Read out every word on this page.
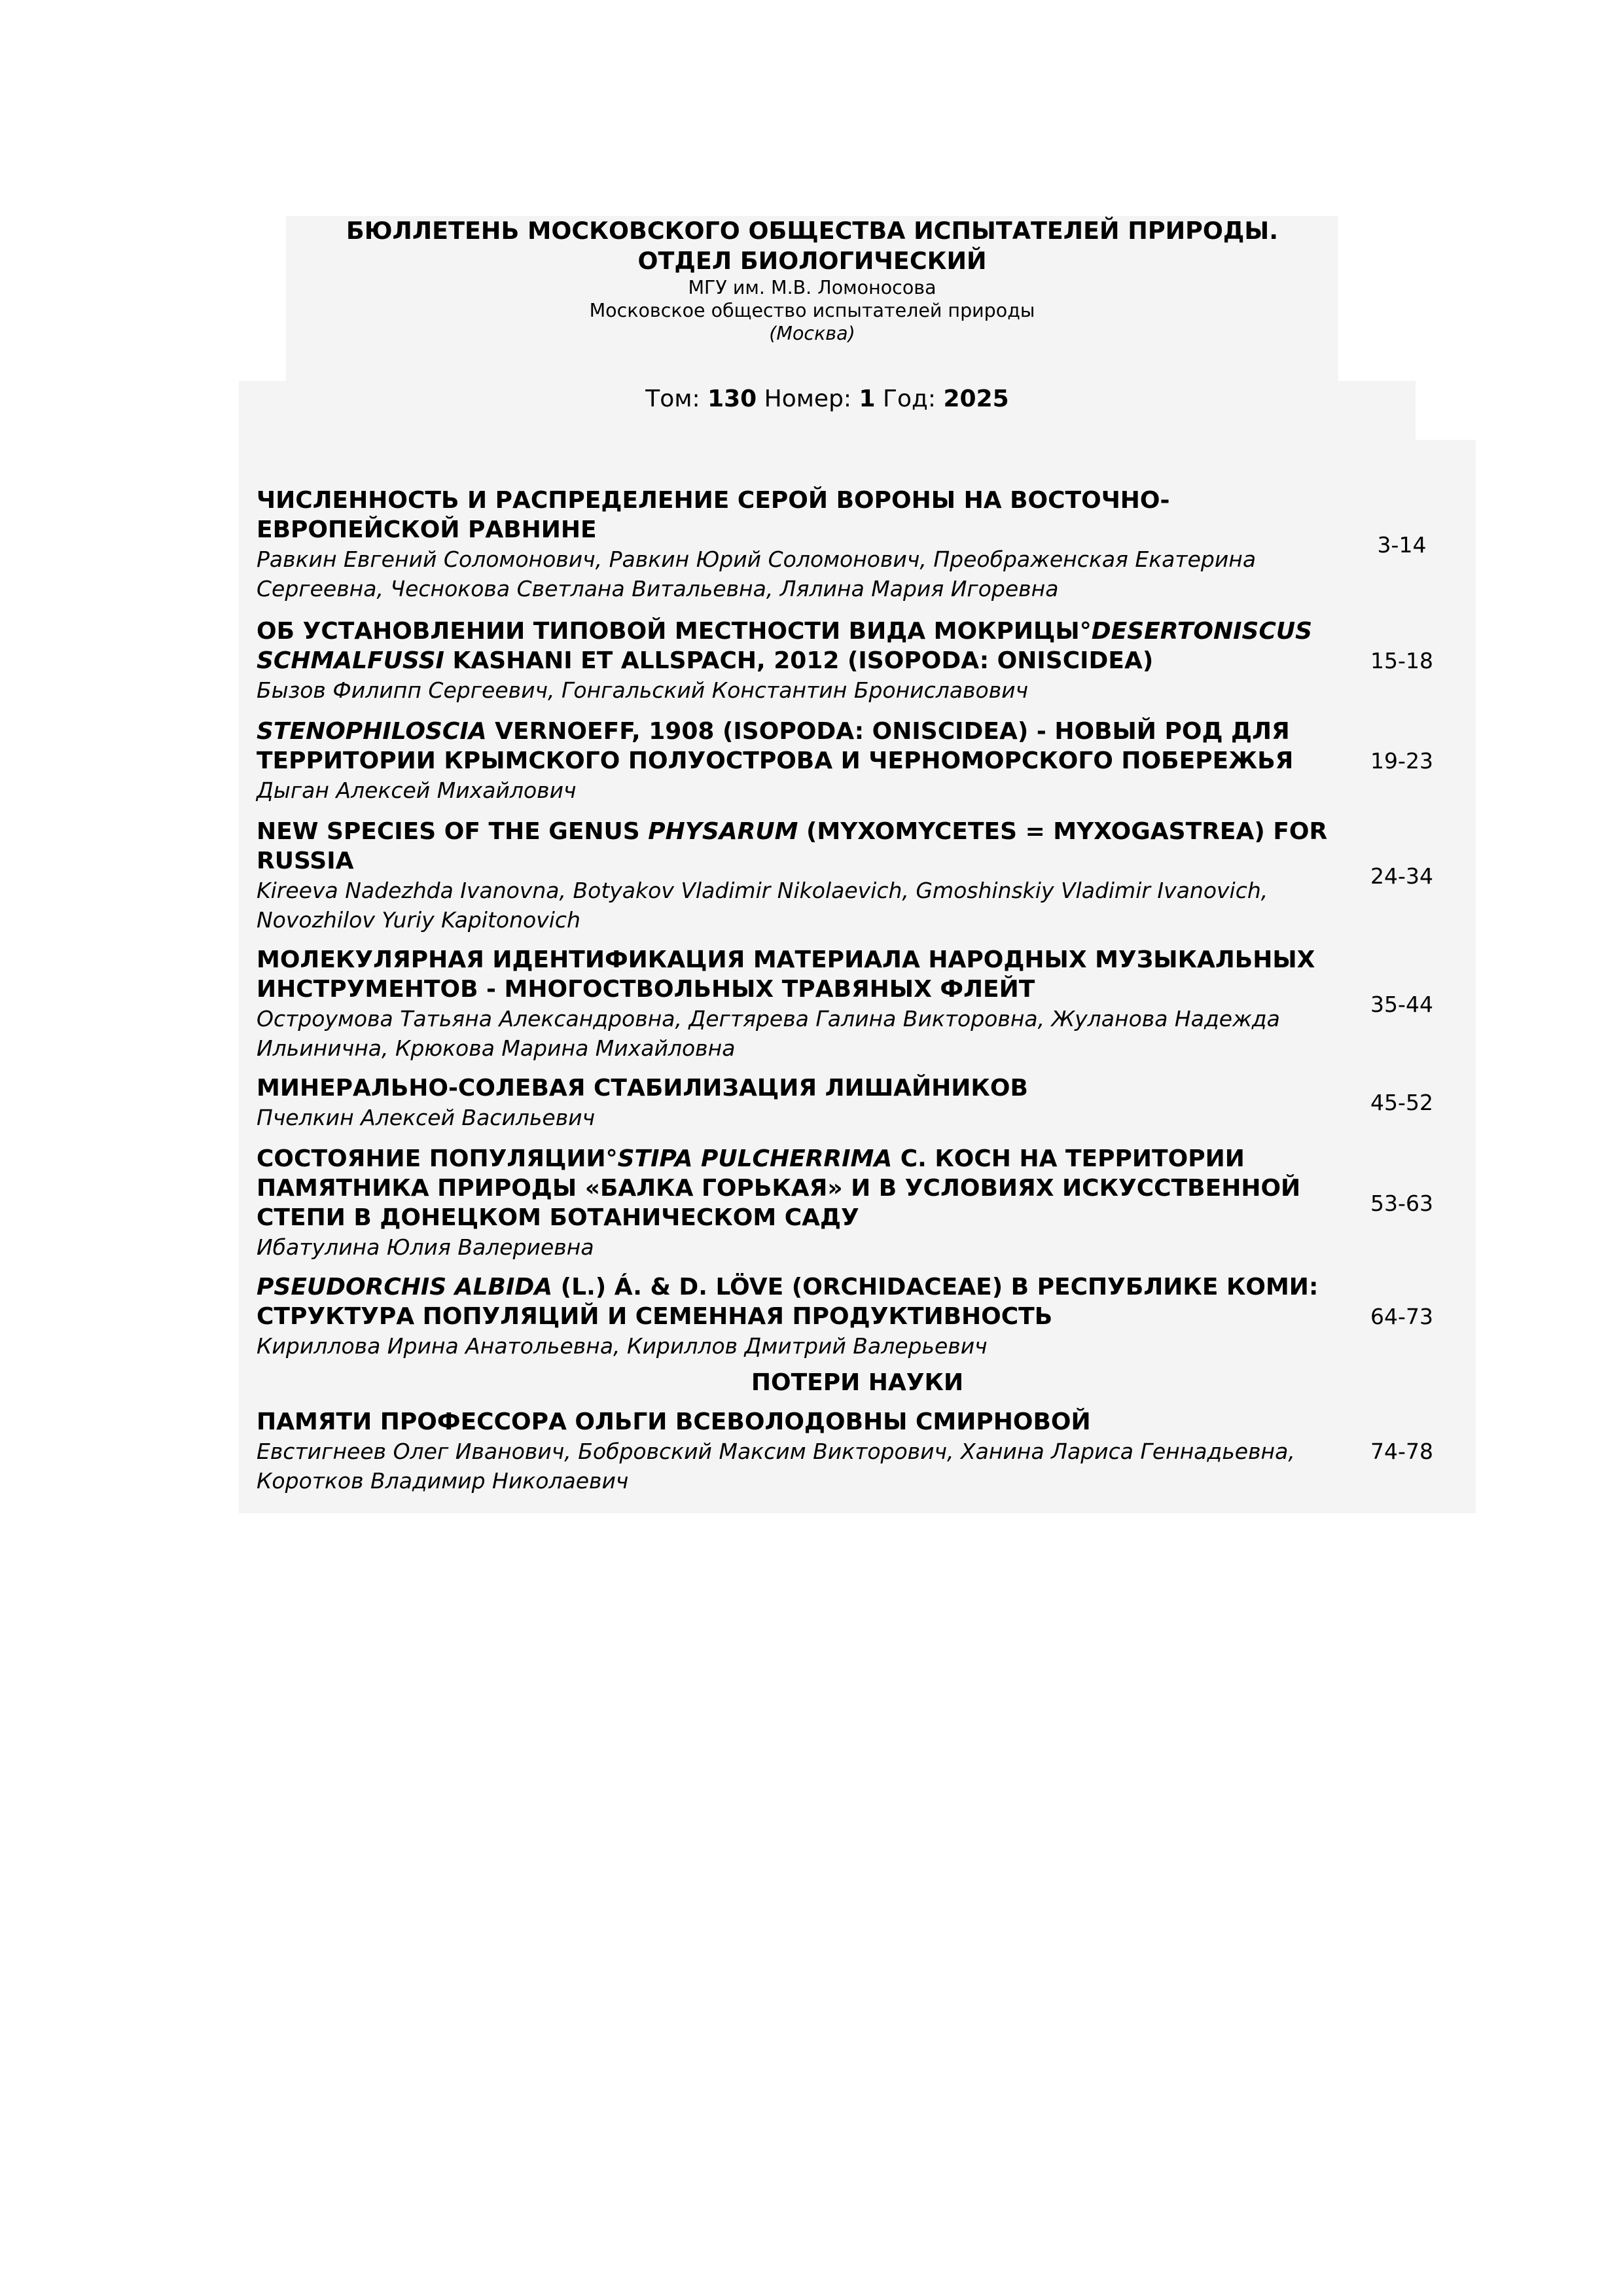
БЮЛЛЕТЕНЬ МОСКОВСКОГО ОБЩЕСТВА ИСПЫТАТЕЛЕЙ ПРИРОДЫ.
ОТДЕЛ БИОЛОГИЧЕСКИЙ
МГУ им. М.В. Ломоносова
Московское общество испытателей природы
(Москва)
Том: 130 Номер: 1 Год: 2025
ЧИСЛЕННОСТЬ И РАСПРЕДЕЛЕНИЕ СЕРОЙ ВОРОНЫ НА ВОСТОЧНО-ЕВРОПЕЙСКОЙ РАВНИНЕ
Равкин Евгений Соломонович, Равкин Юрий Соломонович, Преображенская Екатерина Сергеевна, Чеснокова Светлана Витальевна, Лялина Мария Игоревна
3-14
ОБ УСТАНОВЛЕНИИ ТИПОВОЙ МЕСТНОСТИ ВИДА МОКРИЦЫ°DESERTONISCUS SCHMALFUSSI KASHANI ET ALLSPACH, 2012 (ISOPODA: ONISCIDEA)
Бызов Филипп Сергеевич, Гонгальский Константин Брониславович
15-18
STENOPHILOSCIA VERNOEFF, 1908 (ISOPODA: ONISCIDEA) - НОВЫЙ РОД ДЛЯ ТЕРРИТОРИИ КРЫМСКОГО ПОЛУОСТРОВА И ЧЕРНОМОРСКОГО ПОБЕРЕЖЬЯ
Дыган Алексей Михайлович
19-23
NEW SPECIES OF THE GENUS PHYSARUM (MYXOMYCETES = MYXOGASTREA) FOR RUSSIA
Kireeva Nadezhda Ivanovna, Botyakov Vladimir Nikolaevich, Gmoshinskiy Vladimir Ivanovich, Novozhilov Yuriy Kapitonovich
24-34
МОЛЕКУЛЯРНАЯ ИДЕНТИФИКАЦИЯ МАТЕРИАЛА НАРОДНЫХ МУЗЫКАЛЬНЫХ ИНСТРУМЕНТОВ - МНОГОСТВОЛЬНЫХ ТРАВЯНЫХ ФЛЕЙТ
Остроумова Татьяна Александровна, Дегтярева Галина Викторовна, Жуланова Надежда Ильинична, Крюкова Марина Михайловна
35-44
МИНЕРАЛЬНО-СОЛЕВАЯ СТАБИЛИЗАЦИЯ ЛИШАЙНИКОВ
Пчелкин Алексей Васильевич
45-52
СОСТОЯНИЕ ПОПУЛЯЦИИ°STIPA PULCHERRIMA C. КОСН НА ТЕРРИТОРИИ ПАМЯТНИКА ПРИРОДЫ «БАЛКА ГОРЬКАЯ» И В УСЛОВИЯХ ИСКУССТВЕННОЙ СТЕПИ В ДОНЕЦКОМ БОТАНИЧЕСКОМ САДУ
Ибатулина Юлия Валериевна
53-63
PSEUDORCHIS ALBIDA (L.) Á. & D. LÖVE (ORCHIDACEAE) В РЕСПУБЛИКЕ КОМИ: СТРУКТУРА ПОПУЛЯЦИЙ И СЕМЕННАЯ ПРОДУКТИВНОСТЬ
Кириллова Ирина Анатольевна, Кириллов Дмитрий Валерьевич
64-73
ПОТЕРИ НАУКИ
ПАМЯТИ ПРОФЕССОРА ОЛЬГИ ВСЕВОЛОДОВНЫ СМИРНОВОЙ
Евстигнеев Олег Иванович, Бобровский Максим Викторович, Ханина Лариса Геннадьевна, Коротков Владимир Николаевич
74-78
